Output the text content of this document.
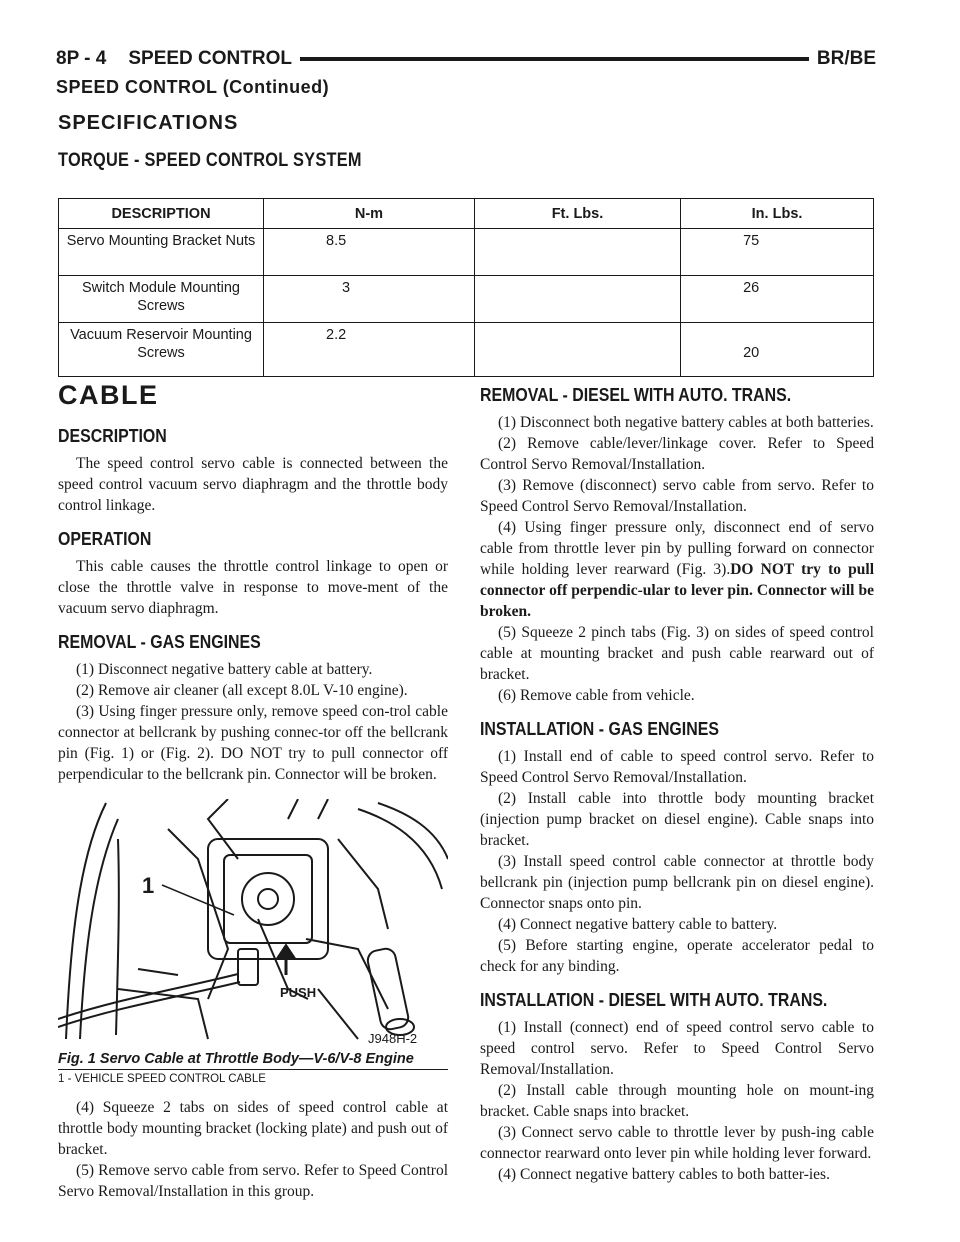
8P - 4 SPEED CONTROL	BR/BE
SPEED CONTROL (Continued)
SPECIFICATIONS
TORQUE - SPEED CONTROL SYSTEM
DESCRIPTION	N-m	Ft. Lbs.	In. Lbs.
Servo Mounting Bracket Nuts	8.5		75
Switch Module Mounting Screws	3		26
Vacuum Reservoir Mounting Screws	2.2		20
CABLE
DESCRIPTION

The speed control servo cable is connected between the speed control vacuum servo diaphragm and the throttle body control linkage.

OPERATION

This cable causes the throttle control linkage to open or close the throttle valve in response to move-ment of the vacuum servo diaphragm.

REMOVAL - GAS ENGINES

(1) Disconnect negative battery cable at battery.

(2) Remove air cleaner (all except 8.0L V-10 engine).

(3) Using finger pressure only, remove speed con-trol cable connector at bellcrank by pushing connec-tor off the bellcrank pin (Fig. 1) or (Fig. 2). DO NOT try to pull connector off perpendicular to the bellcrank pin. Connector will be broken.

1
PUSH
J948H-2
Fig. 1 Servo Cable at Throttle Body—V-6/V-8 Engine
1 - VEHICLE SPEED CONTROL CABLE

(4) Squeeze 2 tabs on sides of speed control cable at throttle body mounting bracket (locking plate) and push out of bracket.

(5) Remove servo cable from servo. Refer to Speed Control Servo Removal/Installation in this group.

REMOVAL - DIESEL WITH AUTO. TRANS.

(1) Disconnect both negative battery cables at both batteries.

(2) Remove cable/lever/linkage cover. Refer to Speed Control Servo Removal/Installation.

(3) Remove (disconnect) servo cable from servo. Refer to Speed Control Servo Removal/Installation.

(4) Using finger pressure only, disconnect end of servo cable from throttle lever pin by pulling forward on connector while holding lever rearward (Fig. 3).DO NOT try to pull connector off perpendic-ular to lever pin. Connector will be broken.

(5) Squeeze 2 pinch tabs (Fig. 3) on sides of speed control cable at mounting bracket and push cable rearward out of bracket.

(6) Remove cable from vehicle.

INSTALLATION - GAS ENGINES

(1) Install end of cable to speed control servo. Refer to Speed Control Servo Removal/Installation.

(2) Install cable into throttle body mounting bracket (injection pump bracket on diesel engine). Cable snaps into bracket.

(3) Install speed control cable connector at throttle body bellcrank pin (injection pump bellcrank pin on diesel engine). Connector snaps onto pin.

(4) Connect negative battery cable to battery.

(5) Before starting engine, operate accelerator pedal to check for any binding.

INSTALLATION - DIESEL WITH AUTO. TRANS.

(1) Install (connect) end of speed control servo cable to speed control servo. Refer to Speed Control Servo Removal/Installation.

(2) Install cable through mounting hole on mount-ing bracket. Cable snaps into bracket.

(3) Connect servo cable to throttle lever by push-ing cable connector rearward onto lever pin while holding lever forward.

(4) Connect negative battery cables to both batter-ies.
